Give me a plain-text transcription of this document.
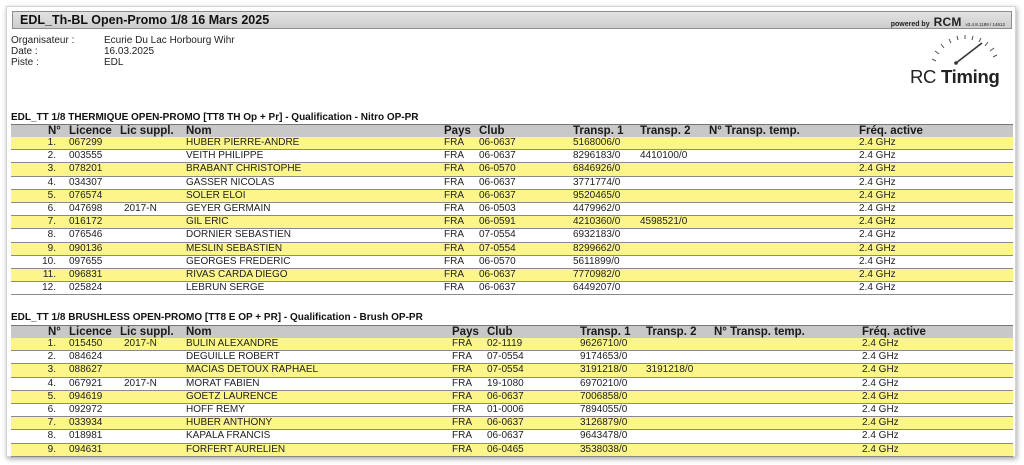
EDL_Th-BL Open-Promo 1/8 16 Mars 2025	powered by RCM v3.4.8.1189 / 14612
Organisateur :	Ecurie Du Lac Horbourg Wihr
Date :	16.03.2025
Piste :	EDL
RC Timing
EDL_TT 1/8 THERMIQUE OPEN-PROMO [TT8 TH Op + Pr] - Qualification - Nitro OP-PR
N° Licence Lic suppl. Nom	Pays Club	Transp. 1 Transp. 2 N° Transp. temp.	Fréq. active
1. 067299	HUBER PIERRE-ANDRE	FRA 06-0637	5168006/0	2.4 GHz
2. 003555	VEITH PHILIPPE	FRA 06-0637	8296183/0 4410100/0	2.4 GHz
3. 078201	BRABANT CHRISTOPHE	FRA 06-0570	6846926/0	2.4 GHz
4. 034307	GASSER NICOLAS	FRA 06-0637	3771774/0	2.4 GHz
5. 076574	SOLER ELOI	FRA 06-0637	9520465/0	2.4 GHz
6. 047698 2017-N	GEYER GERMAIN	FRA 06-0503	4479962/0	2.4 GHz
7. 016172	GIL ERIC	FRA 06-0591	4210360/0 4598521/0	2.4 GHz
8. 076546	DORNIER SEBASTIEN	FRA 07-0554	6932183/0	2.4 GHz
9. 090136	MESLIN SEBASTIEN	FRA 07-0554	8299662/0	2.4 GHz
10. 097655	GEORGES FREDERIC	FRA 06-0570	5611899/0	2.4 GHz
11. 096831	RIVAS CARDA DIEGO	FRA 06-0637	7770982/0	2.4 GHz
12. 025824	LEBRUN SERGE	FRA 06-0637	6449207/0	2.4 GHz
EDL_TT 1/8 BRUSHLESS OPEN-PROMO [TT8 E OP + PR] - Qualification - Brush OP-PR
N° Licence Lic suppl. Nom	Pays Club	Transp. 1 Transp. 2 N° Transp. temp.	Fréq. active
1. 015450 2017-N	BULIN ALEXANDRE	FRA 02-1119	9626710/0	2.4 GHz
2. 084624	DEGUILLE ROBERT	FRA 07-0554	9174653/0	2.4 GHz
3. 088627	MACIAS DETOUX RAPHAEL	FRA 07-0554	3191218/0 3191218/0	2.4 GHz
4. 067921 2017-N	MORAT FABIEN	FRA 19-1080	6970210/0	2.4 GHz
5. 094619	GOETZ LAURENCE	FRA 06-0637	7006858/0	2.4 GHz
6. 092972	HOFF REMY	FRA 01-0006	7894055/0	2.4 GHz
7. 033934	HUBER ANTHONY	FRA 06-0637	3126879/0	2.4 GHz
8. 018981	KAPALA FRANCIS	FRA 06-0637	9643478/0	2.4 GHz
9. 094631	FORFERT AURELIEN	FRA 06-0465	3538038/0	2.4 GHz
